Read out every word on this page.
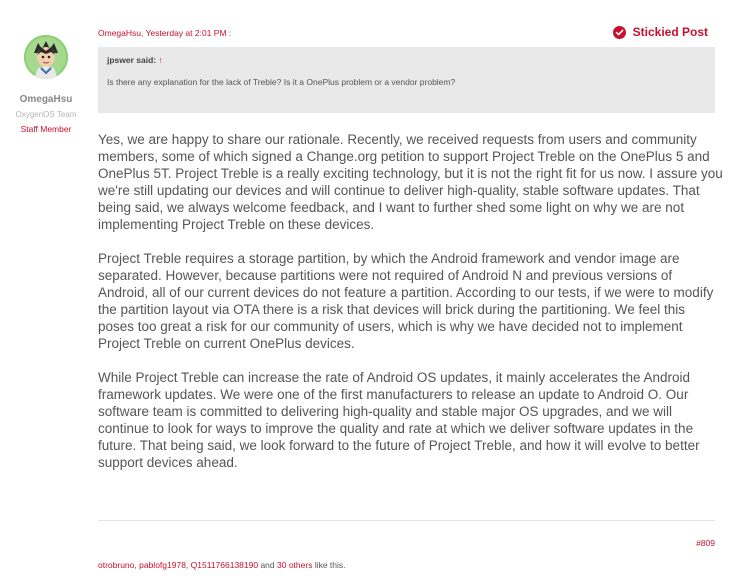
OmegaHsu
OxygenOS Team
Staff Member
OmegaHsu, Yesterday at 2:01 PM :	Stickied Post
jpswer said: ↑
Is there any explanation for the lack of Treble? Is it a OnePlus problem or a vendor problem?

Yes, we are happy to share our rationale. Recently, we received requests from users and community members, some of which signed a Change.org petition to support Project Treble on the OnePlus 5 and OnePlus 5T. Project Treble is a really exciting technology, but it is not the right fit for us now. I assure you we're still updating our devices and will continue to deliver high-quality, stable software updates. That being said, we always welcome feedback, and I want to further shed some light on why we are not implementing Project Treble on these devices.

Project Treble requires a storage partition, by which the Android framework and vendor image are separated. However, because partitions were not required of Android N and previous versions of Android, all of our current devices do not feature a partition. According to our tests, if we were to modify the partition layout via OTA there is a risk that devices will brick during the partitioning. We feel this poses too great a risk for our community of users, which is why we have decided not to implement Project Treble on current OnePlus devices.

While Project Treble can increase the rate of Android OS updates, it mainly accelerates the Android framework updates. We were one of the first manufacturers to release an update to Android O. Our software team is committed to delivering high-quality and stable major OS upgrades, and we will continue to look for ways to improve the quality and rate at which we deliver software updates in the future. That being said, we look forward to the future of Project Treble, and how it will evolve to better support devices ahead.

#809
otrobruno, pablofg1978, Q1511766138190 and 30 others like this.
